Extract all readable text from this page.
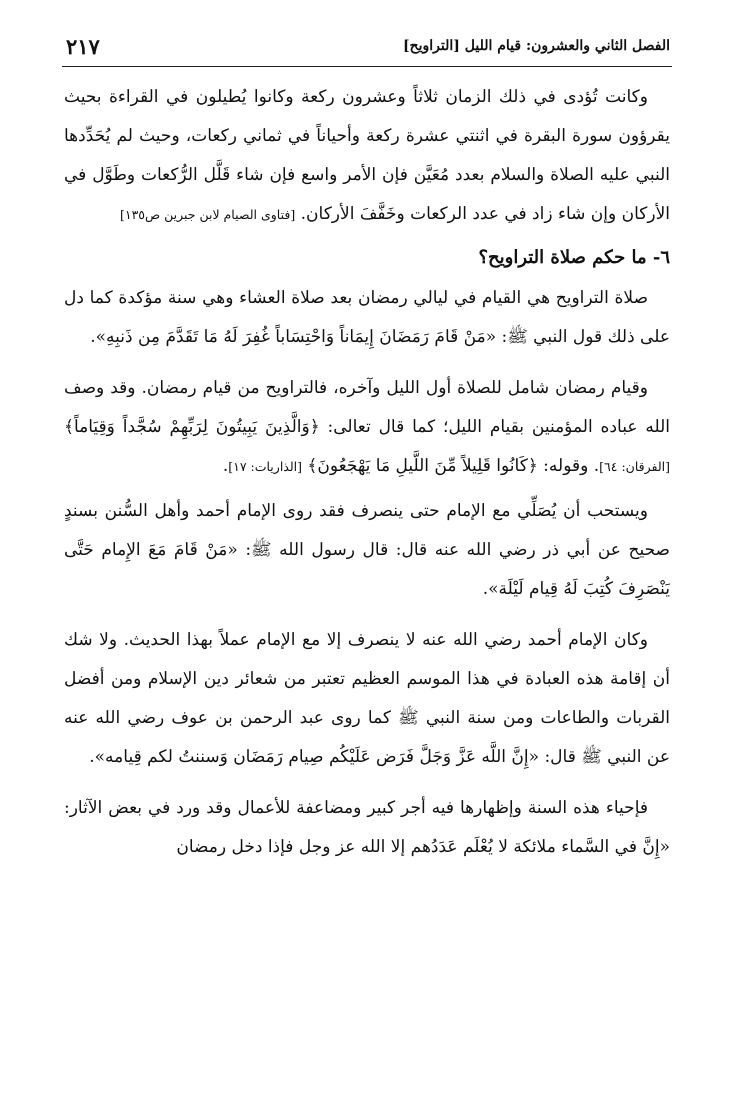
الفصل الثاني والعشرون: قيام الليل [التراويح]
٢١٧

وكانت تُؤدى في ذلك الزمان ثلاثاً وعشرون ركعة وكانوا يُطيلون في القراءة بحيث يقرؤون سورة البقرة في اثنتي عشرة ركعة وأحياناً في ثماني ركعات، وحيث لم يُحَدِّدها النبي عليه الصلاة والسلام بعدد مُعَيَّن فإن الأمر واسع فإن شاء قَلَّل الرُّكعات وطَوَّل في الأركان وإن شاء زاد في عدد الركعات وخَفَّفَ الأركان. [فتاوى الصيام لابن جبرين ص١٣٥]

٦- ما حكم صلاة التراويح؟

صلاة التراويح هي القيام في ليالي رمضان بعد صلاة العشاء وهي سنة مؤكدة كما دل على ذلك قول النبي ﷺ: «مَنْ قَامَ رَمَضَانَ إِيمَاناً وَاحْتِسَاباً غُفِرَ لَهُ مَا تَقَدَّمَ مِن ذَنبِهِ».

وقيام رمضان شامل للصلاة أول الليل وآخره، فالتراويح من قيام رمضان. وقد وصف الله عباده المؤمنين بقيام الليل؛ كما قال تعالى: ﴿وَالَّذِينَ يَبِيتُونَ لِرَبِّهِمْ سُجَّداً وَقِيَاماً﴾ [الفرقان: ٦٤]. وقوله: ﴿كَانُوا قَلِيلاً مِّنَ اللَّيلِ مَا يَهْجَعُونَ﴾ [الذاريات: ١٧].

ويستحب أن يُصَلِّي مع الإمام حتى ينصرف فقد روى الإمام أحمد وأهل السُّنن بسندٍ صحيح عن أبي ذر رضي الله عنه قال: قال رسول الله ﷺ: «مَنْ قَامَ مَعَ الإِمام حَتَّى يَنْصَرِفَ كُتِبَ لَهُ قِيام لَيْلَة».

وكان الإمام أحمد رضي الله عنه لا ينصرف إلا مع الإمام عملاً بهذا الحديث. ولا شك أن إقامة هذه العبادة في هذا الموسم العظيم تعتبر من شعائر دين الإسلام ومن أفضل القربات والطاعات ومن سنة النبي ﷺ كما روى عبد الرحمن بن عوف رضي الله عنه عن النبي ﷺ قال: «إِنَّ اللَّه عَزَّ وَجَلَّ فَرَض عَلَيْكُم صِيام رَمَضَان وَسننتُ لكم قِيامه».

فإحياء هذه السنة وإظهارها فيه أجر كبير ومضاعفة للأعمال وقد ورد في بعض الآثار: «إِنَّ في السَّماء ملائكة لا يُعْلَم عَدَدُهم إلا الله عز وجل فإذا دخل رمضان
